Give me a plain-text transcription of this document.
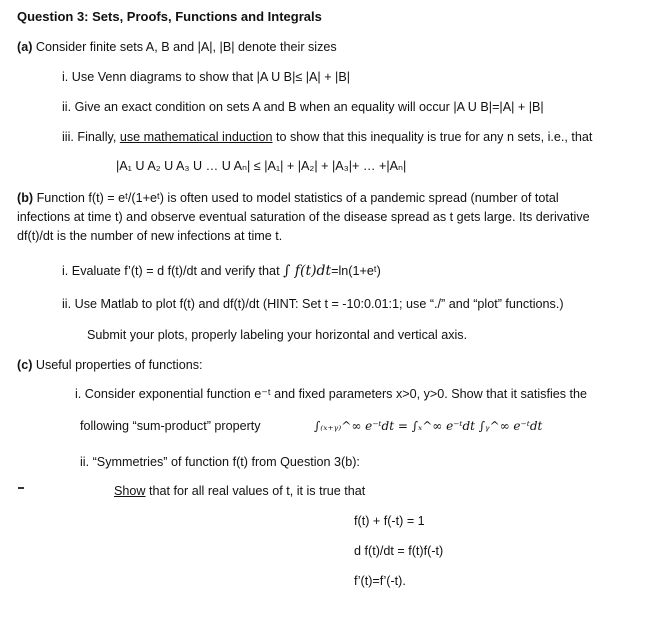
Question 3: Sets, Proofs, Functions and Integrals
(a) Consider finite sets A, B and |A|, |B| denote their sizes
i. Use Venn diagrams to show that |A U B|≤ |A| + |B|
ii. Give an exact condition on sets A and B when an equality will occur |A U B|=|A| + |B|
iii. Finally, use mathematical induction to show that this inequality is true for any n sets, i.e., that
|A₁ U A₂ U A₃ U … U Aₙ| ≤ |A₁| + |A₂| + |A₃|+ … +|Aₙ|
(b) Function f(t) = eᵗ/(1+eᵗ) is often used to model statistics of a pandemic spread (number of total
infections at time t) and observe eventual saturation of the disease spread as t gets large. Its derivative
df(t)/dt is the number of new infections at time t.
i. Evaluate f’(t) = d f(t)/dt and verify that ∫ f(t)dt=ln(1+eᵗ)
ii. Use Matlab to plot f(t) and df(t)/dt (HINT: Set t = -10:0.01:1; use “./” and “plot” functions.)
Submit your plots, properly labeling your horizontal and vertical axis.
(c) Useful properties of functions:
i. Consider exponential function e⁻ᵗ and fixed parameters x>0, y>0. Show that it satisfies the
following “sum-product” property	∫₍ₓ₊ᵧ₎^∞ e⁻ᵗdt = ∫ₓ^∞ e⁻ᵗdt ∫ᵧ^∞ e⁻ᵗdt
ii. “Symmetries” of function f(t) from Question 3(b):
Show that for all real values of t, it is true that
f(t) + f(-t) = 1
d f(t)/dt = f(t)f(-t)
f’(t)=f’(-t).
